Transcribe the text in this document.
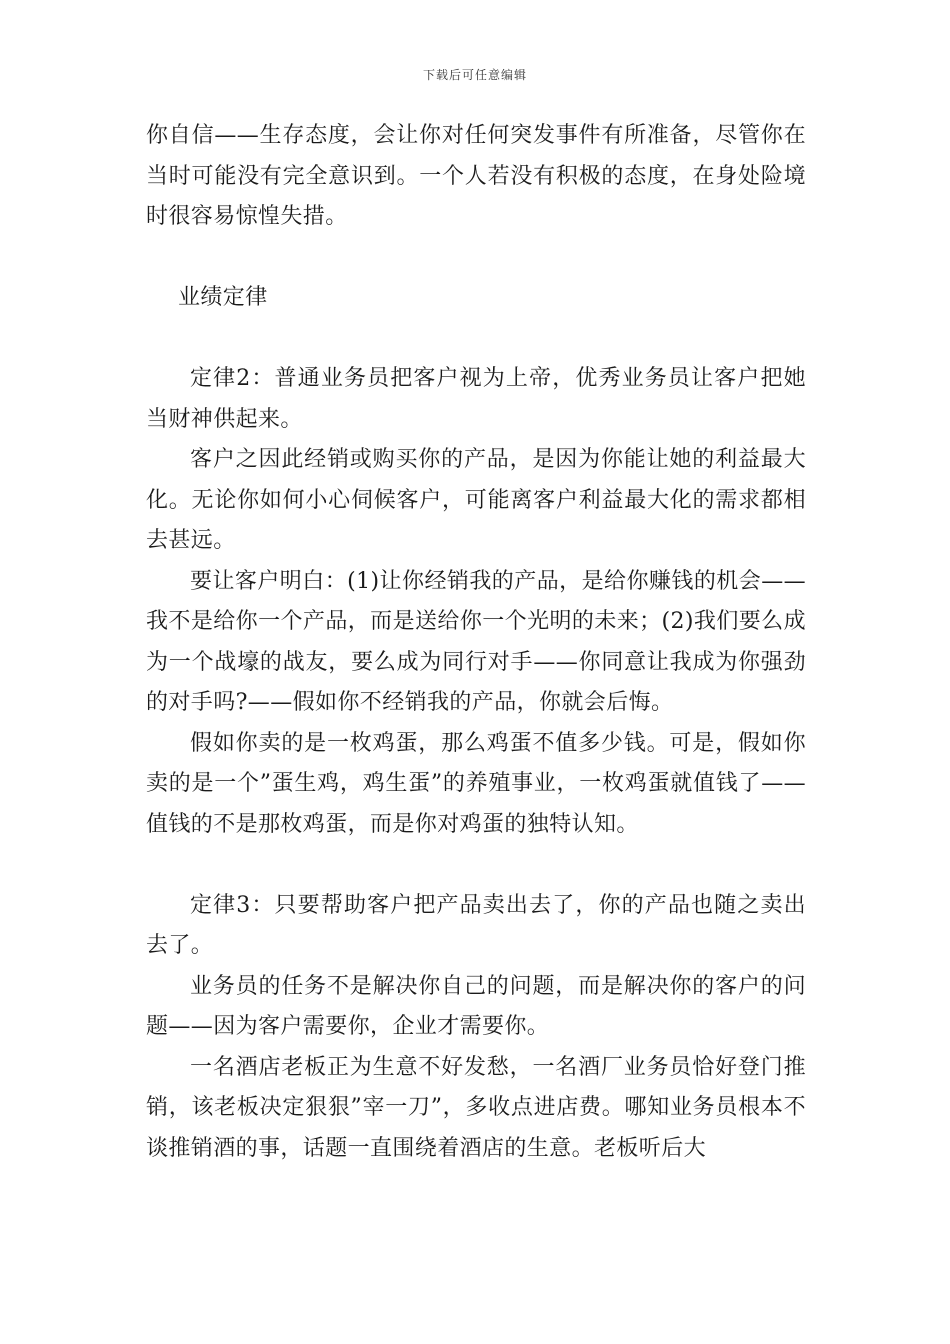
下载后可任意编辑

你自信——生存态度，会让你对任何突发事件有所准备，尽管你在当时可能没有完全意识到。一个人若没有积极的态度，在身处险境时很容易惊惶失措。

业绩定律

定律2：普通业务员把客户视为上帝，优秀业务员让客户把她当财神供起来。

客户之因此经销或购买你的产品，是因为你能让她的利益最大化。无论你如何小心伺候客户，可能离客户利益最大化的需求都相去甚远。

要让客户明白：(1)让你经销我的产品，是给你赚钱的机会——我不是给你一个产品，而是送给你一个光明的未来；(2)我们要么成为一个战壕的战友，要么成为同行对手——你同意让我成为你强劲的对手吗?——假如你不经销我的产品，你就会后悔。

假如你卖的是一枚鸡蛋，那么鸡蛋不值多少钱。可是，假如你卖的是一个”蛋生鸡，鸡生蛋”的养殖事业，一枚鸡蛋就值钱了——值钱的不是那枚鸡蛋，而是你对鸡蛋的独特认知。

定律3：只要帮助客户把产品卖出去了，你的产品也随之卖出去了。

业务员的任务不是解决你自己的问题，而是解决你的客户的问题——因为客户需要你，企业才需要你。

一名酒店老板正为生意不好发愁，一名酒厂业务员恰好登门推销，该老板决定狠狠”宰一刀”，多收点进店费。哪知业务员根本不谈推销酒的事，话题一直围绕着酒店的生意。老板听后大
